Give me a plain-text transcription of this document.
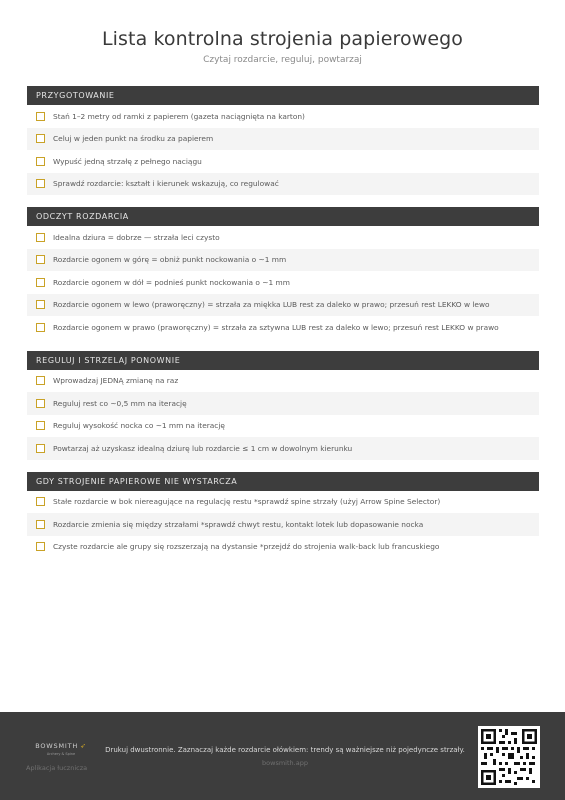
Lista kontrolna strojenia papierowego
Czytaj rozdarcie, reguluj, powtarzaj
PRZYGOTOWANIE
Stań 1–2 metry od ramki z papierem (gazeta naciągnięta na karton)
Celuj w jeden punkt na środku za papierem
Wypuść jedną strzałę z pełnego naciągu
Sprawdź rozdarcie: kształt i kierunek wskazują, co regulować
ODCZYT ROZDARCIA
Idealna dziura = dobrze — strzała leci czysto
Rozdarcie ogonem w górę = obniż punkt nockowania o ~1 mm
Rozdarcie ogonem w dół = podnieś punkt nockowania o ~1 mm
Rozdarcie ogonem w lewo (praworęczny) = strzała za miękka LUB rest za daleko w prawo; przesuń rest LEKKO w lewo
Rozdarcie ogonem w prawo (praworęczny) = strzała za sztywna LUB rest za daleko w lewo; przesuń rest LEKKO w prawo
REGULUJ I STRZELAJ PONOWNIE
Wprowadzaj JEDNĄ zmianę na raz
Reguluj rest co ~0,5 mm na iterację
Reguluj wysokość nocka co ~1 mm na iterację
Powtarzaj aż uzyskasz idealną dziurę lub rozdarcie ≤ 1 cm w dowolnym kierunku
GDY STROJENIE PAPIEROWE NIE WYSTARCZA
Stałe rozdarcie w bok niereagujące na regulację restu *sprawdź spine strzały (użyj Arrow Spine Selector)
Rozdarcie zmienia się między strzałami *sprawdź chwyt restu, kontakt lotek lub dopasowanie nocka
Czyste rozdarcie ale grupy się rozszerzają na dystansie *przejdź do strojenia walk-back lub francuskiego
BOWSMITH ➶
Archery & Spine
Aplikacja łucznicza
Drukuj dwustronnie. Zaznaczaj każde rozdarcie ołówkiem: trendy są ważniejsze niż pojedyncze strzały.
bowsmith.app
